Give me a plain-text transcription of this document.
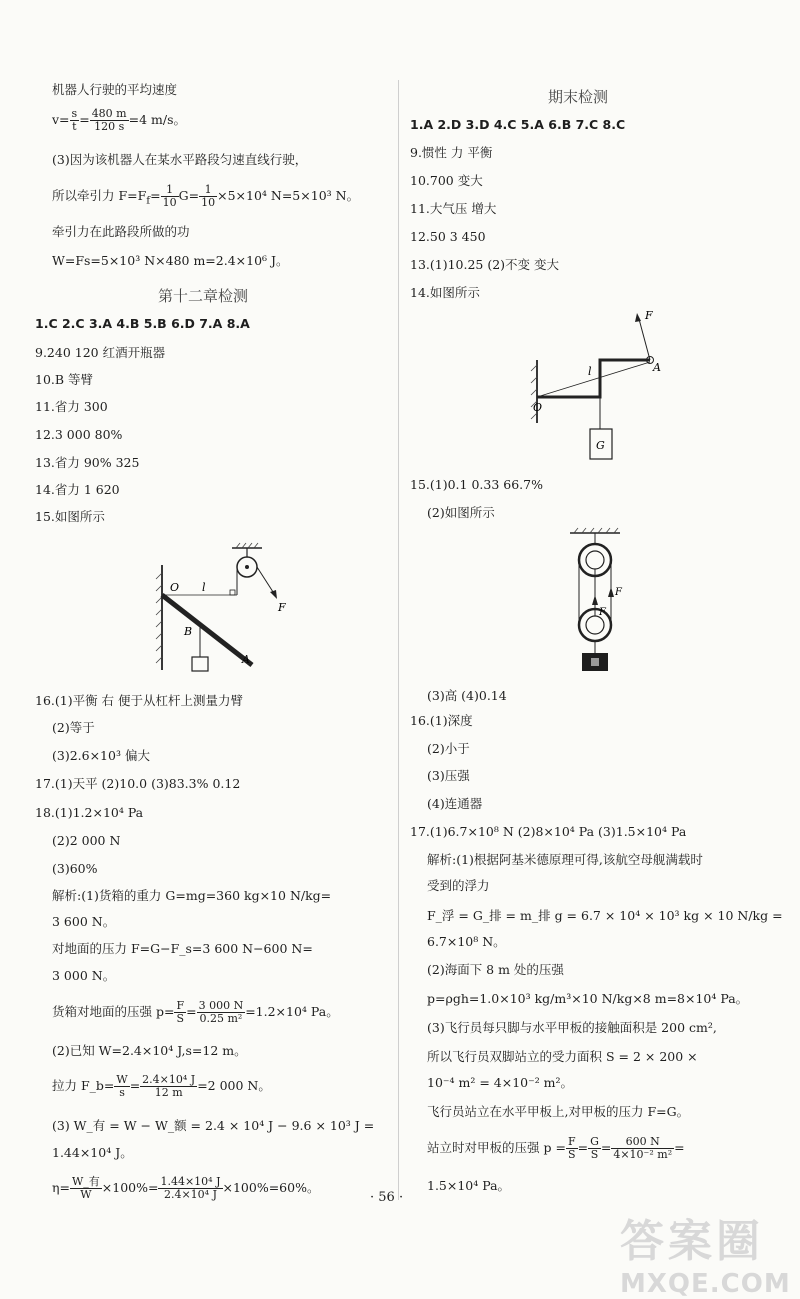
机器人行驶的平均速度
$v= \frac{s}{t} = \frac{480 m}{120 s} =4$ m/s。
(3)因为该机器人在某水平路段匀速直线行驶，
所以牵引力 $F=F_f= \frac{1}{10} G= \frac{1}{10} \times 5\times 10^4$ N=5×10³ N。
牵引力在此路段所做的功
W=Fs=5×10³ N×480 m=2.4×10⁶ J。
第十二章检测
1.C 2.C 3.A 4.B 5.B 6.D 7.A 8.A
9.240 120 红酒开瓶器
10.B 等臂
11.省力 300
12.3 000 80%
13.省力 90% 325
14.省力 1 620
15.如图所示
O l
B
A
F
16.(1)平衡 右 便于从杠杆上测量力臂
(2)等于
(3)2.6×10³ 偏大
17.(1)天平 (2)10.0 (3)83.3% 0.12
18.(1)1.2×10⁴ Pa
(2)2 000 N
(3)60%
解析:(1)货箱的重力 G=mg=360 kg×10 N/kg=
3 600 N。
对地面的压力 F=G−F_s=3 600 N−600 N=
3 000 N。
货箱对地面的压强 $p= \frac{F}{S} = \frac{3 000 N}{\text{0.25 m²}} =1.2\times 10^4$ Pa。
(2)已知 W=2.4×10⁴ J,s=12 m。
拉力 F_b= $\frac{W}{s} = \frac{\text{2.4×10⁴ J}}{12 m} =2$ 000 N。
(3) W_有 = W − W_额 = 2.4 × 10⁴ J − 9.6 × 10³ J =
1.44×10⁴ J。
$\eta= \frac{\text{W\_有}}{W} \times 100\%= \frac{\text{1.44×10⁴ J}}{\text{2.4×10⁴ J}} \times 100\%=60\%$。
期末检测
1.A 2.D 3.D 4.C 5.A 6.B 7.C 8.C
9.惯性 力 平衡
10.700 变大
11.大气压 增大
12.50 3 450
13.(1)10.25 (2)不变 变大
14.如图所示
F
l	A
O
G
15.(1)0.1 0.33 66.7%
(2)如图所示
F
F
(3)高 (4)0.14
16.(1)深度
(2)小于
(3)压强
(4)连通器
17.(1)6.7×10⁸ N (2)8×10⁴ Pa (3)1.5×10⁴ Pa
解析:(1)根据阿基米德原理可得,该航空母舰满载时
受到的浮力
F_浮 = G_排 = m_排 g = 6.7 × 10⁴ × 10³ kg × 10 N/kg =
6.7×10⁸ N。
(2)海面下 8 m 处的压强
p=ρgh=1.0×10³ kg/m³×10 N/kg×8 m=8×10⁴ Pa。
(3)飞行员每只脚与水平甲板的接触面积是 200 cm²,
所以飞行员双脚站立的受力面积 S = 2 × 200 ×
10⁻⁴ m² = 4×10⁻² m²。
飞行员站立在水平甲板上,对甲板的压力 F=G。
站立时对甲板的压强 $p = \frac{F}{S} = \frac{G}{S} = \frac{600 N}{\text{4×10⁻² m²}}$ =
1.5×10⁴ Pa。
· 56 ·
答案圈
MXQE.COM
